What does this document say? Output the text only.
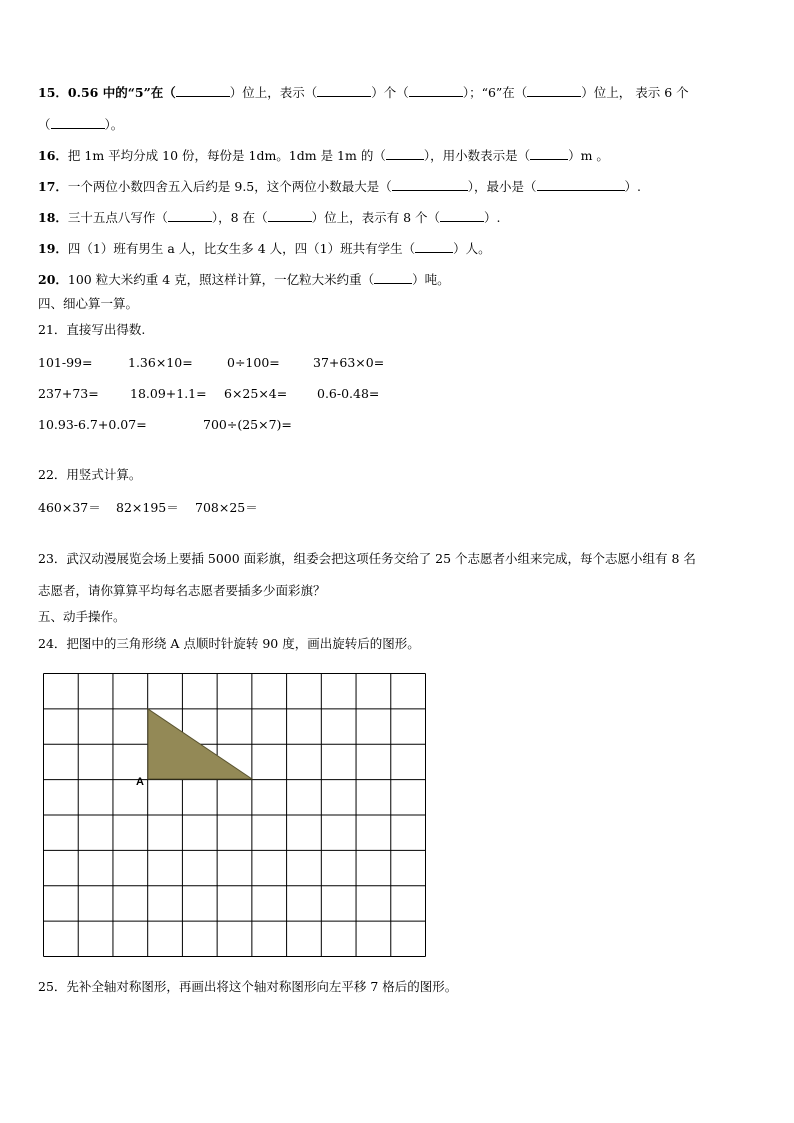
15．0.56 中的“5”在（	）位上，表示（	）个（	）；“6”在（	）位上， 表示 6 个
（	）。
16．把 1m 平均分成 10 份，每份是 1dm。1dm 是 1m 的（	），用小数表示是（	）m 。
17．一个两位小数四舍五入后约是 9.5，这个两位小数最大是（	），最小是（	）.
18．三十五点八写作（	），8 在（	）位上，表示有 8 个（	）.
19．四（1）班有男生 a 人，比女生多 4 人，四（1）班共有学生（	）人。
20．100 粒大米约重 4 克，照这样计算，一亿粒大米约重（	）吨。
四、细心算一算。
21．直接写出得数.
101-99=	1.36×10=	0÷100=	37+63×0=
237+73=	18.09+1.1= 6×25×4= 0.6-0.48=
10.93-6.7+0.07=	700÷(25×7)=
22．用竖式计算。
460×37＝ 82×195＝ 708×25＝
23．武汉动漫展览会场上要插 5000 面彩旗，组委会把这项任务交给了 25 个志愿者小组来完成，每个志愿小组有 8 名
志愿者，请你算算平均每名志愿者要插多少面彩旗？
五、动手操作。
24．把图中的三角形绕 A 点顺时针旋转 90 度，画出旋转后的图形。
A
25．先补全轴对称图形，再画出将这个轴对称图形向左平移 7 格后的图形。
